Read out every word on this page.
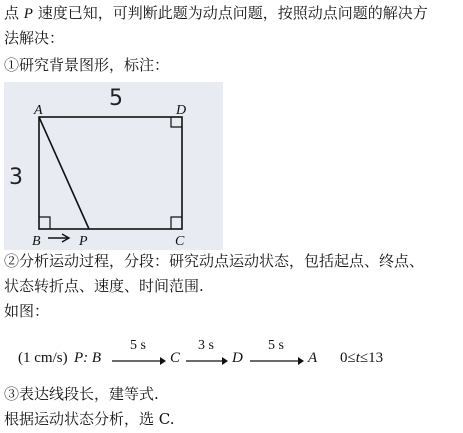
点 P 速度已知，可判断此题为动点问题，按照动点问题的解决方
法解决：
①研究背景图形，标注：
5
3
A	D
B	C
P
②分析运动过程，分段：研究动点运动状态，包括起点、终点、
状态转折点、速度、时间范围.
如图：
(1 cm/s) P: B
5 s
C
3 s
D
5 s
A 0≤t≤13
③表达线段长，建等式.
根据运动状态分析，选 C.
